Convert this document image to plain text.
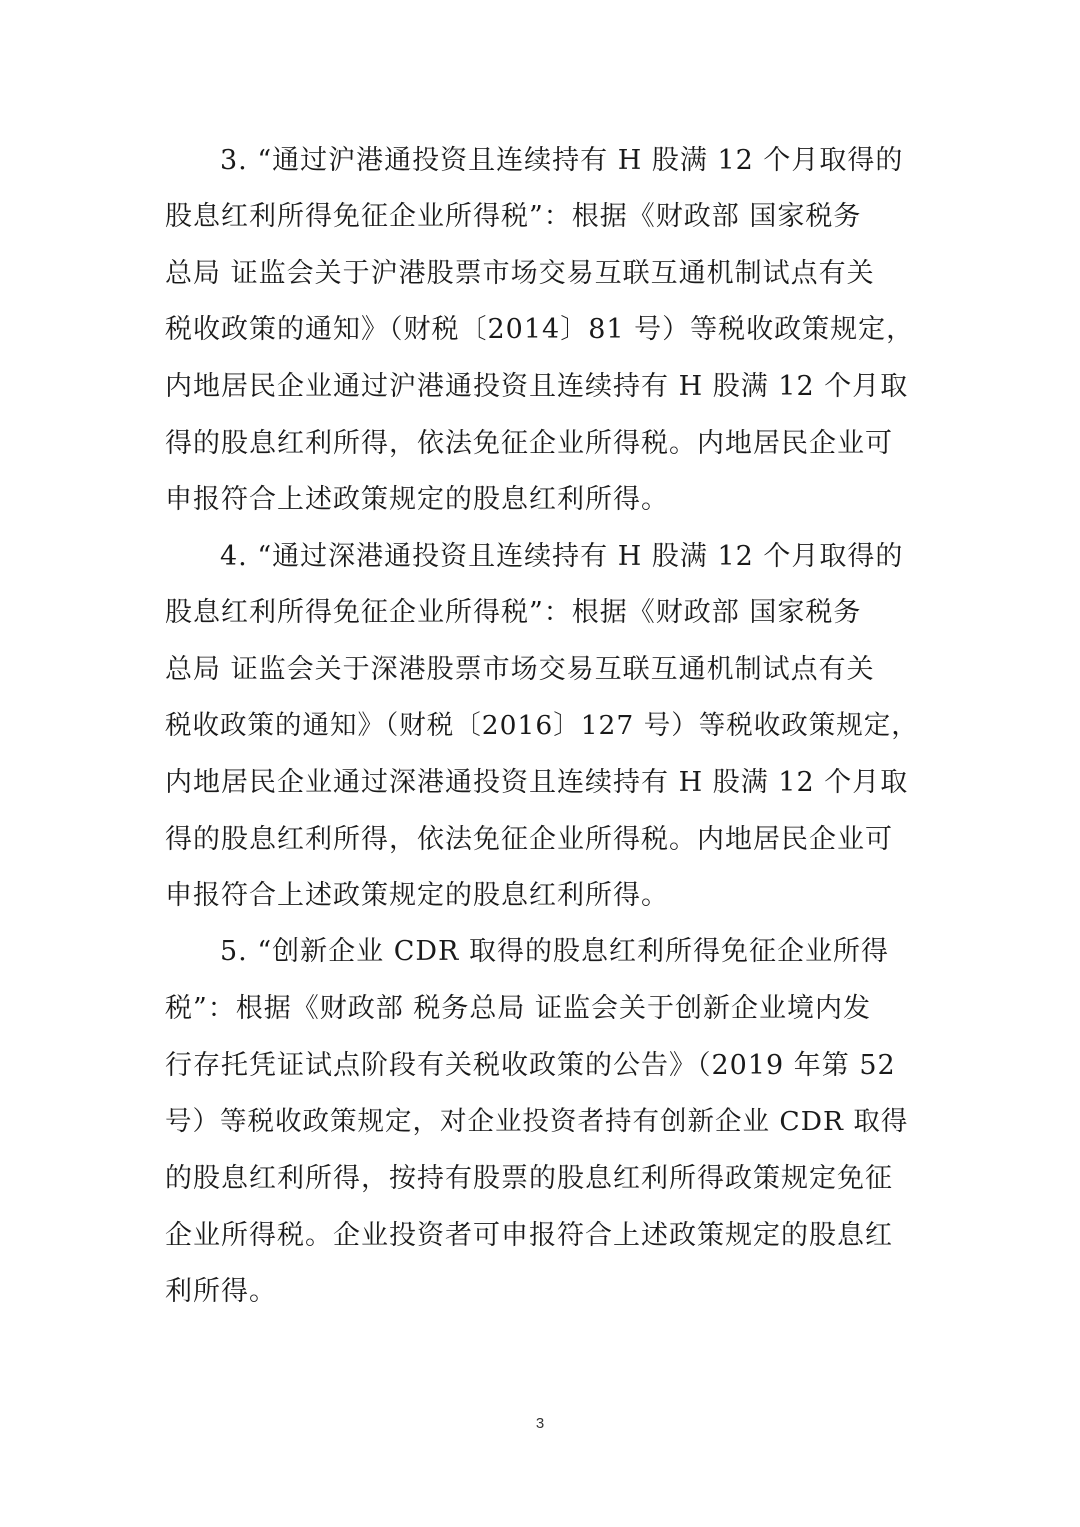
3. “通过沪港通投资且连续持有 H 股满 12 个月取得的
股息红利所得免征企业所得税”：根据《财政部 国家税务
总局 证监会关于沪港股票市场交易互联互通机制试点有关
税收政策的通知》（财税〔2014〕81 号）等税收政策规定，
内地居民企业通过沪港通投资且连续持有 H 股满 12 个月取
得的股息红利所得，依法免征企业所得税。内地居民企业可
申报符合上述政策规定的股息红利所得。
4. “通过深港通投资且连续持有 H 股满 12 个月取得的
股息红利所得免征企业所得税”：根据《财政部 国家税务
总局 证监会关于深港股票市场交易互联互通机制试点有关
税收政策的通知》（财税〔2016〕127 号）等税收政策规定，
内地居民企业通过深港通投资且连续持有 H 股满 12 个月取
得的股息红利所得，依法免征企业所得税。内地居民企业可
申报符合上述政策规定的股息红利所得。
5. “创新企业 CDR 取得的股息红利所得免征企业所得
税”：根据《财政部 税务总局 证监会关于创新企业境内发
行存托凭证试点阶段有关税收政策的公告》（2019 年第 52
号）等税收政策规定，对企业投资者持有创新企业 CDR 取得
的股息红利所得，按持有股票的股息红利所得政策规定免征
企业所得税。企业投资者可申报符合上述政策规定的股息红
利所得。
3
